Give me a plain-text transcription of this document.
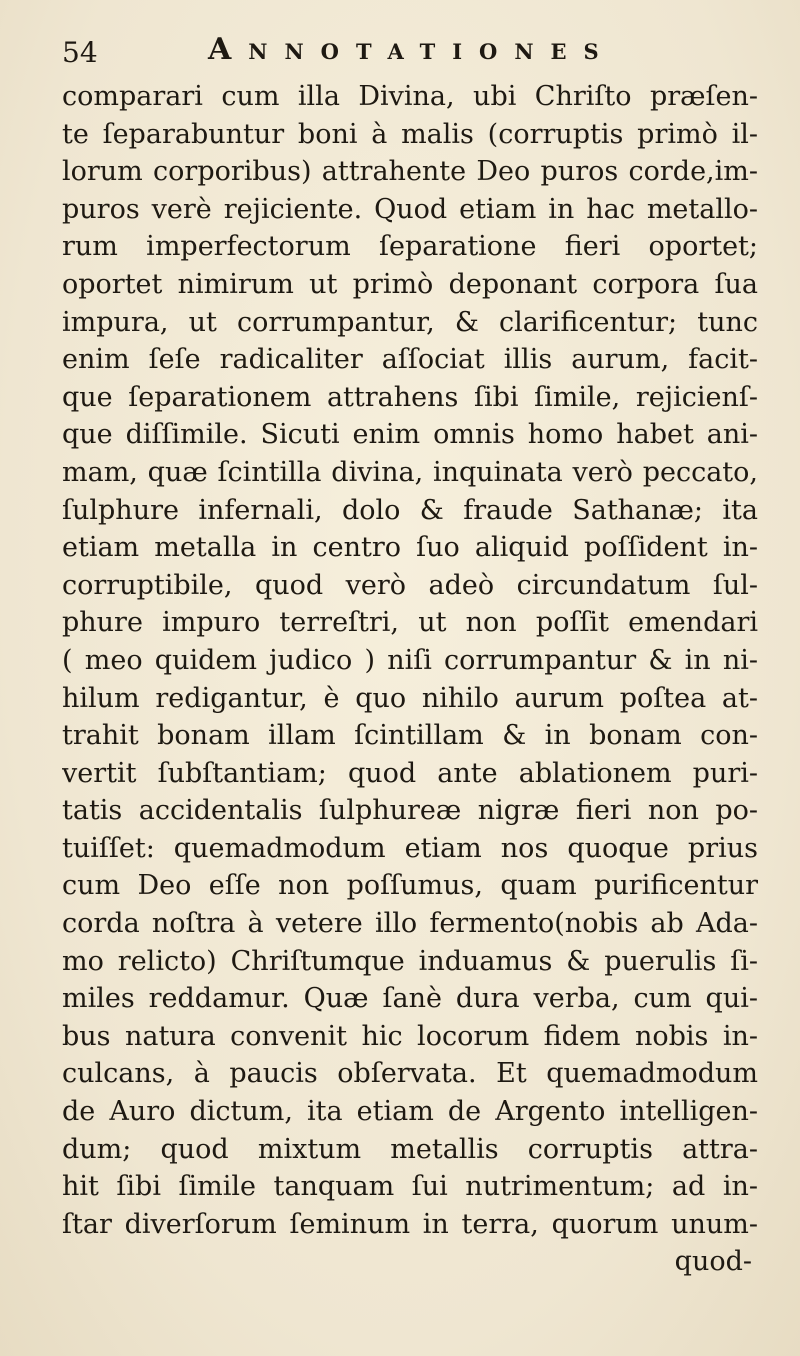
54	Annotationes
comparari cum illa Divina, ubi Chriſto præſen-
te ſeparabuntur boni à malis (corruptis primò il-
lorum corporibus) attrahente Deo puros corde,im-
puros verè rejiciente. Quod etiam in hac metallo-
rum imperfectorum ſeparatione fieri oportet;
oportet nimirum ut primò deponant corpora ſua
impura, ut corrumpantur, & clarificentur; tunc
enim ſeſe radicaliter aſſociat illis aurum, facit-
que ſeparationem attrahens ſibi ſimile, rejicienſ-
que diſſimile. Sicuti enim omnis homo habet ani-
mam, quæ ſcintilla divina, inquinata verò peccato,
ſulphure infernali, dolo & fraude Sathanæ; ita
etiam metalla in centro ſuo aliquid poſſident in-
corruptibile, quod verò adeò circundatum ſul-
phure impuro terreſtri, ut non poſſit emendari
( meo quidem judico ) niſi corrumpantur & in ni-
hilum redigantur, è quo nihilo aurum poſtea at-
trahit bonam illam ſcintillam & in bonam con-
vertit ſubſtantiam; quod ante ablationem puri-
tatis accidentalis ſulphureæ nigræ fieri non po-
tuiſſet: quemadmodum etiam nos quoque prius
cum Deo eſſe non poſſumus, quam purificentur
corda noſtra à vetere illo fermento(nobis ab Ada-
mo relicto) Chriſtumque induamus & puerulis ſi-
miles reddamur. Quæ ſanè dura verba, cum qui-
bus natura convenit hic locorum fidem nobis in-
culcans, à paucis obſervata. Et quemadmodum
de Auro dictum, ita etiam de Argento intelligen-
dum; quod mixtum metallis corruptis attra-
hit ſibi ſimile tanquam ſui nutrimentum; ad in-
ſtar diverſorum ſeminum in terra, quorum unum-
quod-
